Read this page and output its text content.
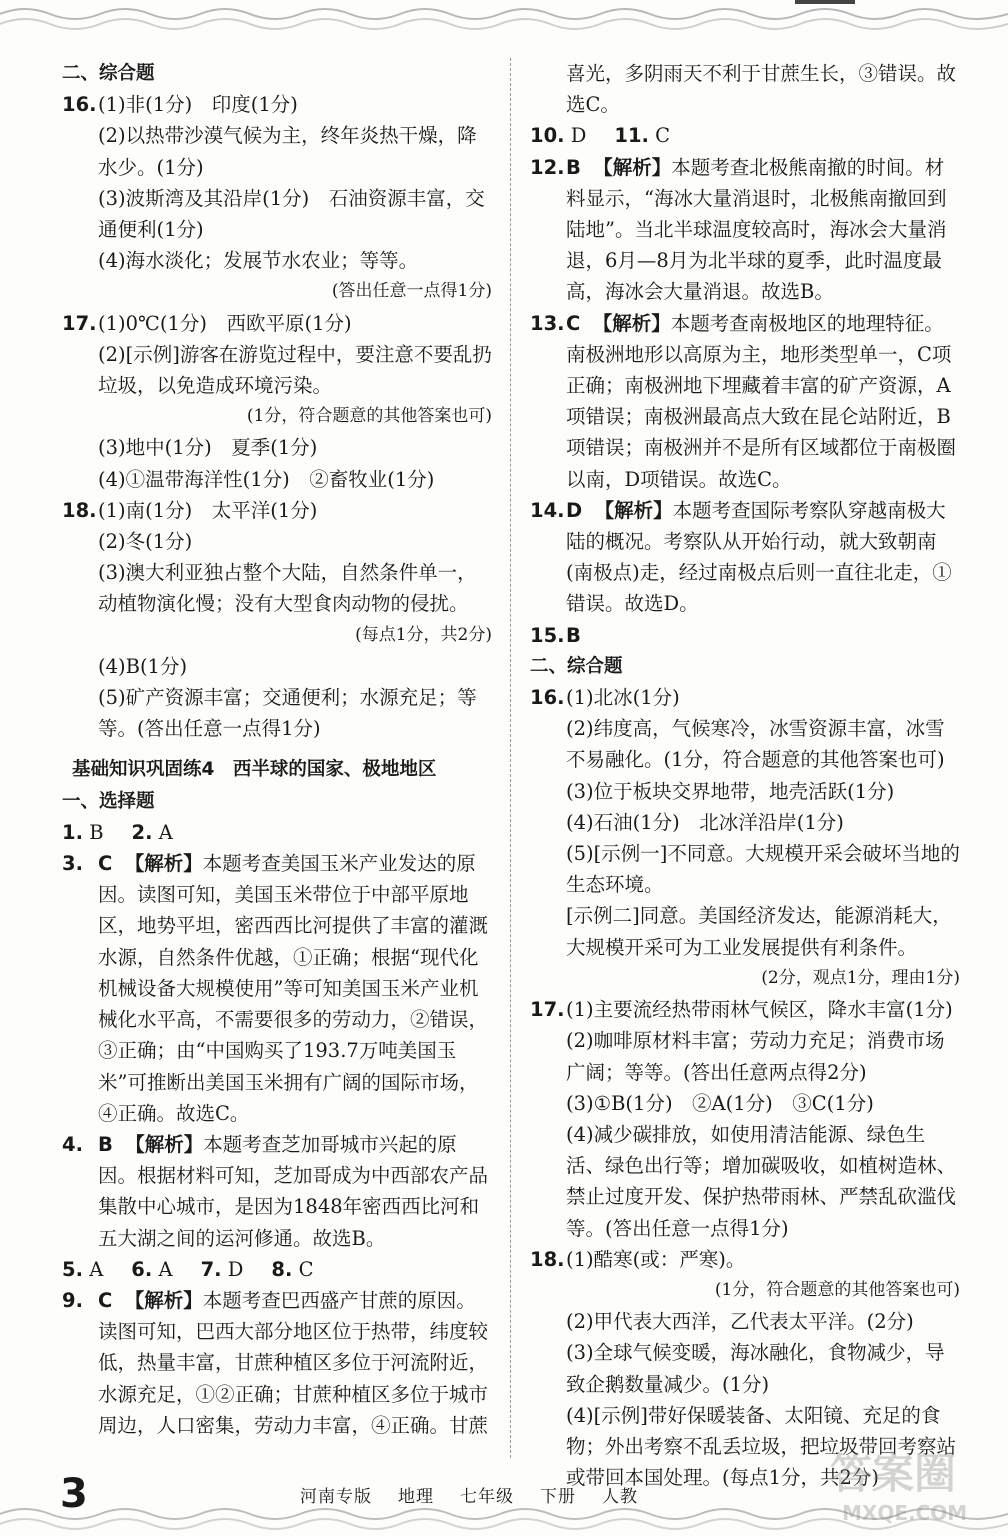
二、综合题
16. (1)非(1分)　印度(1分)
(2)以热带沙漠气候为主，终年炎热干燥，降水少。(1分)
(3)波斯湾及其沿岸(1分)　石油资源丰富，交通便利(1分)
(4)海水淡化；发展节水农业；等等。
(答出任意一点得1分)
17. (1)0℃(1分)　西欧平原(1分)
(2)[示例]游客在游览过程中，要注意不要乱扔垃圾，以免造成环境污染。
(1分，符合题意的其他答案也可)
(3)地中(1分)　夏季(1分)
(4)①温带海洋性(1分)　②畜牧业(1分)
18. (1)南(1分)　太平洋(1分)
(2)冬(1分)
(3)澳大利亚独占整个大陆，自然条件单一，动植物演化慢；没有大型食肉动物的侵扰。
(每点1分，共2分)
(4)B(1分)
(5)矿产资源丰富；交通便利；水源充足；等等。(答出任意一点得1分)
基础知识巩固练4　西半球的国家、极地地区
一、选择题
1. B 2. A
3. C 【解析】本题考查美国玉米产业发达的原因。读图可知，美国玉米带位于中部平原地区，地势平坦，密西西比河提供了丰富的灌溉水源，自然条件优越，①正确；根据“现代化机械设备大规模使用”等可知美国玉米产业机械化水平高，不需要很多的劳动力，②错误，③正确；由“中国购买了193.7万吨美国玉米”可推断出美国玉米拥有广阔的国际市场，④正确。故选C。
4. B 【解析】本题考查芝加哥城市兴起的原因。根据材料可知，芝加哥成为中西部农产品集散中心城市，是因为1848年密西西比河和五大湖之间的运河修通。故选B。
5. A 6. A 7. D 8. C
9. C 【解析】本题考查巴西盛产甘蔗的原因。读图可知，巴西大部分地区位于热带，纬度较低，热量丰富，甘蔗种植区多位于河流附近，水源充足，①②正确；甘蔗种植区多位于城市周边，人口密集，劳动力丰富，④正确。甘蔗
喜光，多阴雨天不利于甘蔗生长，③错误。故选C。
10. D 11. C
12. B 【解析】本题考查北极熊南撤的时间。材料显示，“海冰大量消退时，北极熊南撤回到陆地”。当北半球温度较高时，海冰会大量消退，6月—8月为北半球的夏季，此时温度最高，海冰会大量消退。故选B。
13. C 【解析】本题考查南极地区的地理特征。南极洲地形以高原为主，地形类型单一，C项正确；南极洲地下埋藏着丰富的矿产资源，A项错误；南极洲最高点大致在昆仑站附近，B项错误；南极洲并不是所有区域都位于南极圈以南，D项错误。故选C。
14. D 【解析】本题考查国际考察队穿越南极大陆的概况。考察队从开始行动，就大致朝南(南极点)走，经过南极点后则一直往北走，①错误。故选D。
15. B
二、综合题
16. (1)北冰(1分)
(2)纬度高，气候寒冷，冰雪资源丰富，冰雪不易融化。(1分，符合题意的其他答案也可)
(3)位于板块交界地带，地壳活跃(1分)
(4)石油(1分)　北冰洋沿岸(1分)
(5)[示例一]不同意。大规模开采会破坏当地的生态环境。
[示例二]同意。美国经济发达，能源消耗大，大规模开采可为工业发展提供有利条件。
(2分，观点1分，理由1分)
17. (1)主要流经热带雨林气候区，降水丰富(1分)
(2)咖啡原材料丰富；劳动力充足；消费市场广阔；等等。(答出任意两点得2分)
(3)①B(1分)　②A(1分)　③C(1分)
(4)减少碳排放，如使用清洁能源、绿色生活、绿色出行等；增加碳吸收，如植树造林、禁止过度开发、保护热带雨林、严禁乱砍滥伐等。(答出任意一点得1分)
18. (1)酷寒(或：严寒)。
(1分，符合题意的其他答案也可)
(2)甲代表大西洋，乙代表太平洋。(2分)
(3)全球气候变暖，海冰融化，食物减少，导致企鹅数量减少。(1分)
(4)[示例]带好保暖装备、太阳镜、充足的食物；外出考察不乱丢垃圾，把垃圾带回考察站或带回本国处理。(每点1分，共2分)
3	河南专版 地理 七年级 下册 人教	答案圈
MXQE.COM
